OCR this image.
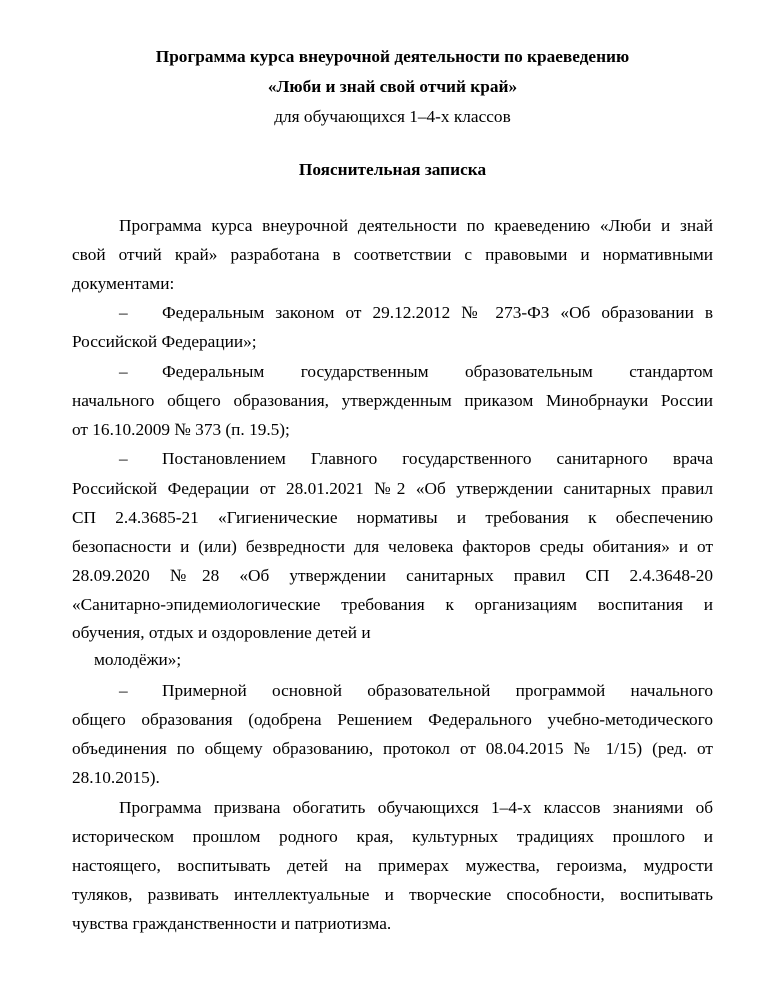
Программа курса внеурочной деятельности по краеведению
«Люби и знай свой отчий край»
для обучающихся 1–4-х классов
Пояснительная записка
Программа курса внеурочной деятельности по краеведению «Люби и знай
свой отчий край» разработана в соответствии с правовыми и нормативными
документами:
– Федеральным законом от 29.12.2012 № 273-ФЗ «Об образовании в
Российской Федерации»;
– Федеральным государственным образовательным стандартом
начального общего образования, утвержденным приказом Минобрнауки России
от 16.10.2009 № 373 (п. 19.5);
– Постановлением Главного государственного санитарного врача
Российской Федерации от 28.01.2021 №2 «Об утверждении санитарных правил
СП 2.4.3685-21 «Гигиенические нормативы и требования к обеспечению
безопасности и (или) безвредности для человека факторов среды обитания» и от
28.09.2020 №28 «Об утверждении санитарных правил СП 2.4.3648-20
«Санитарно-эпидемиологические требования к организациям воспитания и
обучения, отдых и оздоровление детей и
молодёжи»;
– Примерной основной образовательной программой начального
общего образования (одобрена Решением Федерального учебно-методического
объединения по общему образованию, протокол от 08.04.2015 № 1/15) (ред. от
28.10.2015).
Программа призвана обогатить обучающихся 1–4-х классов знаниями об
историческом прошлом родного края, культурных традициях прошлого и
настоящего, воспитывать детей на примерах мужества, героизма, мудрости
туляков, развивать интеллектуальные и творческие способности, воспитывать
чувства гражданственности и патриотизма.
